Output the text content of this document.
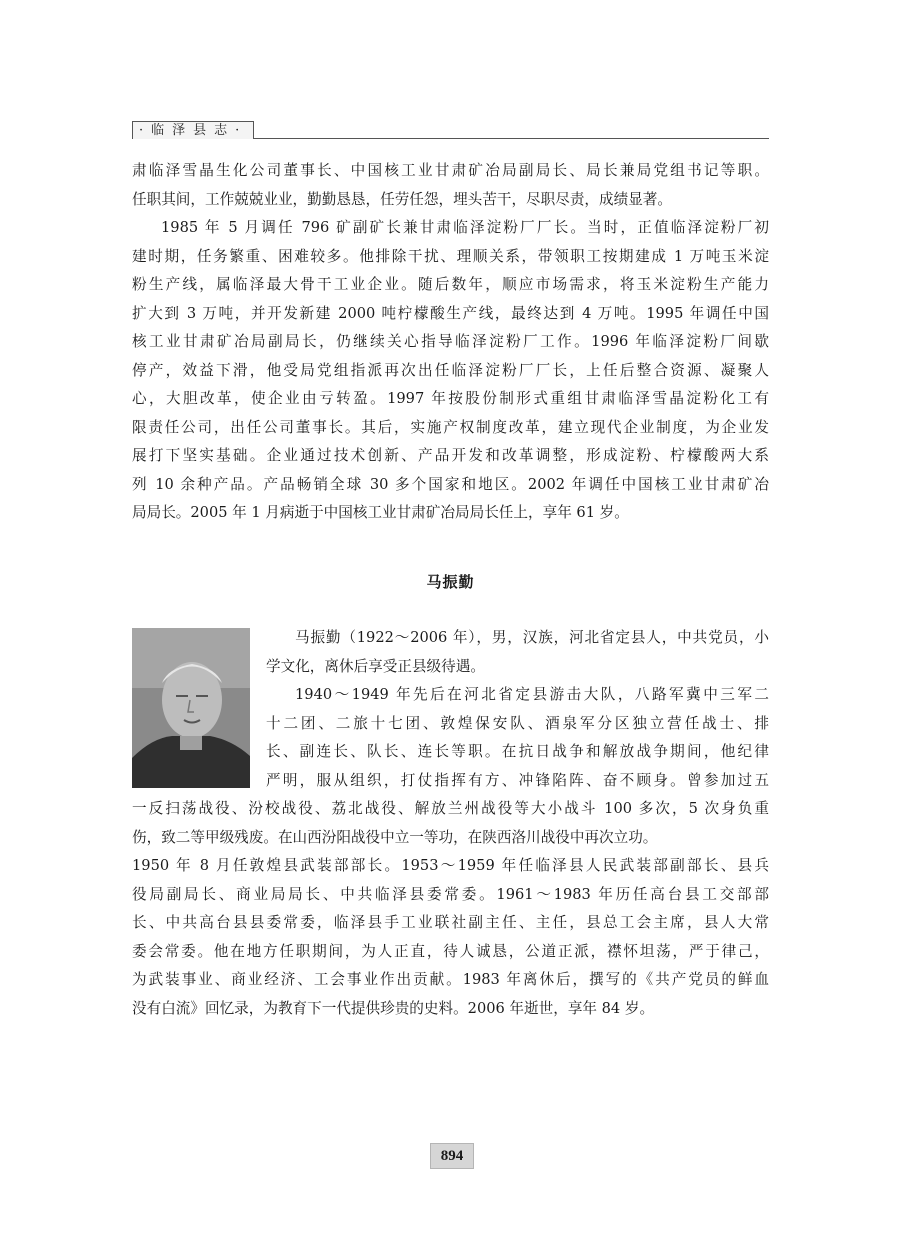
·临泽县志·

肃临泽雪晶生化公司董事长、中国核工业甘肃矿冶局副局长、局长兼局党组书记等职。

任职其间，工作兢兢业业，勤勤恳恳，任劳任怨，埋头苦干，尽职尽责，成绩显著。

1985 年 5 月调任 796 矿副矿长兼甘肃临泽淀粉厂厂长。当时，正值临泽淀粉厂初

建时期，任务繁重、困难较多。他排除干扰、理顺关系，带领职工按期建成 1 万吨玉米淀

粉生产线，属临泽最大骨干工业企业。随后数年，顺应市场需求，将玉米淀粉生产能力

扩大到 3 万吨，并开发新建 2000 吨柠檬酸生产线，最终达到 4 万吨。1995 年调任中国

核工业甘肃矿冶局副局长，仍继续关心指导临泽淀粉厂工作。1996 年临泽淀粉厂间歇

停产，效益下滑，他受局党组指派再次出任临泽淀粉厂厂长，上任后整合资源、凝聚人

心，大胆改革，使企业由亏转盈。1997 年按股份制形式重组甘肃临泽雪晶淀粉化工有

限责任公司，出任公司董事长。其后，实施产权制度改革，建立现代企业制度，为企业发

展打下坚实基础。企业通过技术创新、产品开发和改革调整，形成淀粉、柠檬酸两大系

列 10 余种产品。产品畅销全球 30 多个国家和地区。2002 年调任中国核工业甘肃矿冶

局局长。2005 年 1 月病逝于中国核工业甘肃矿冶局局长任上，享年 61 岁。

马振勤

马振勤（1922～2006 年），男，汉族，河北省定县人，中共党员，小

学文化，离休后享受正县级待遇。

1940～1949 年先后在河北省定县游击大队，八路军冀中三军二

十二团、二旅十七团、敦煌保安队、酒泉军分区独立营任战士、排

长、副连长、队长、连长等职。在抗日战争和解放战争期间，他纪律

严明，服从组织，打仗指挥有方、冲锋陷阵、奋不顾身。曾参加过五

一反扫荡战役、汾校战役、荔北战役、解放兰州战役等大小战斗 100 多次，5 次身负重

伤，致二等甲级残废。在山西汾阳战役中立一等功，在陕西洛川战役中再次立功。

1950 年 8 月任敦煌县武装部部长。1953～1959 年任临泽县人民武装部副部长、县兵

役局副局长、商业局局长、中共临泽县委常委。1961～1983 年历任高台县工交部部

长、中共高台县县委常委，临泽县手工业联社副主任、主任，县总工会主席，县人大常

委会常委。他在地方任职期间，为人正直，待人诚恳，公道正派，襟怀坦荡，严于律己，

为武装事业、商业经济、工会事业作出贡献。1983 年离休后，撰写的《共产党员的鲜血

没有白流》回忆录，为教育下一代提供珍贵的史料。2006 年逝世，享年 84 岁。

894
